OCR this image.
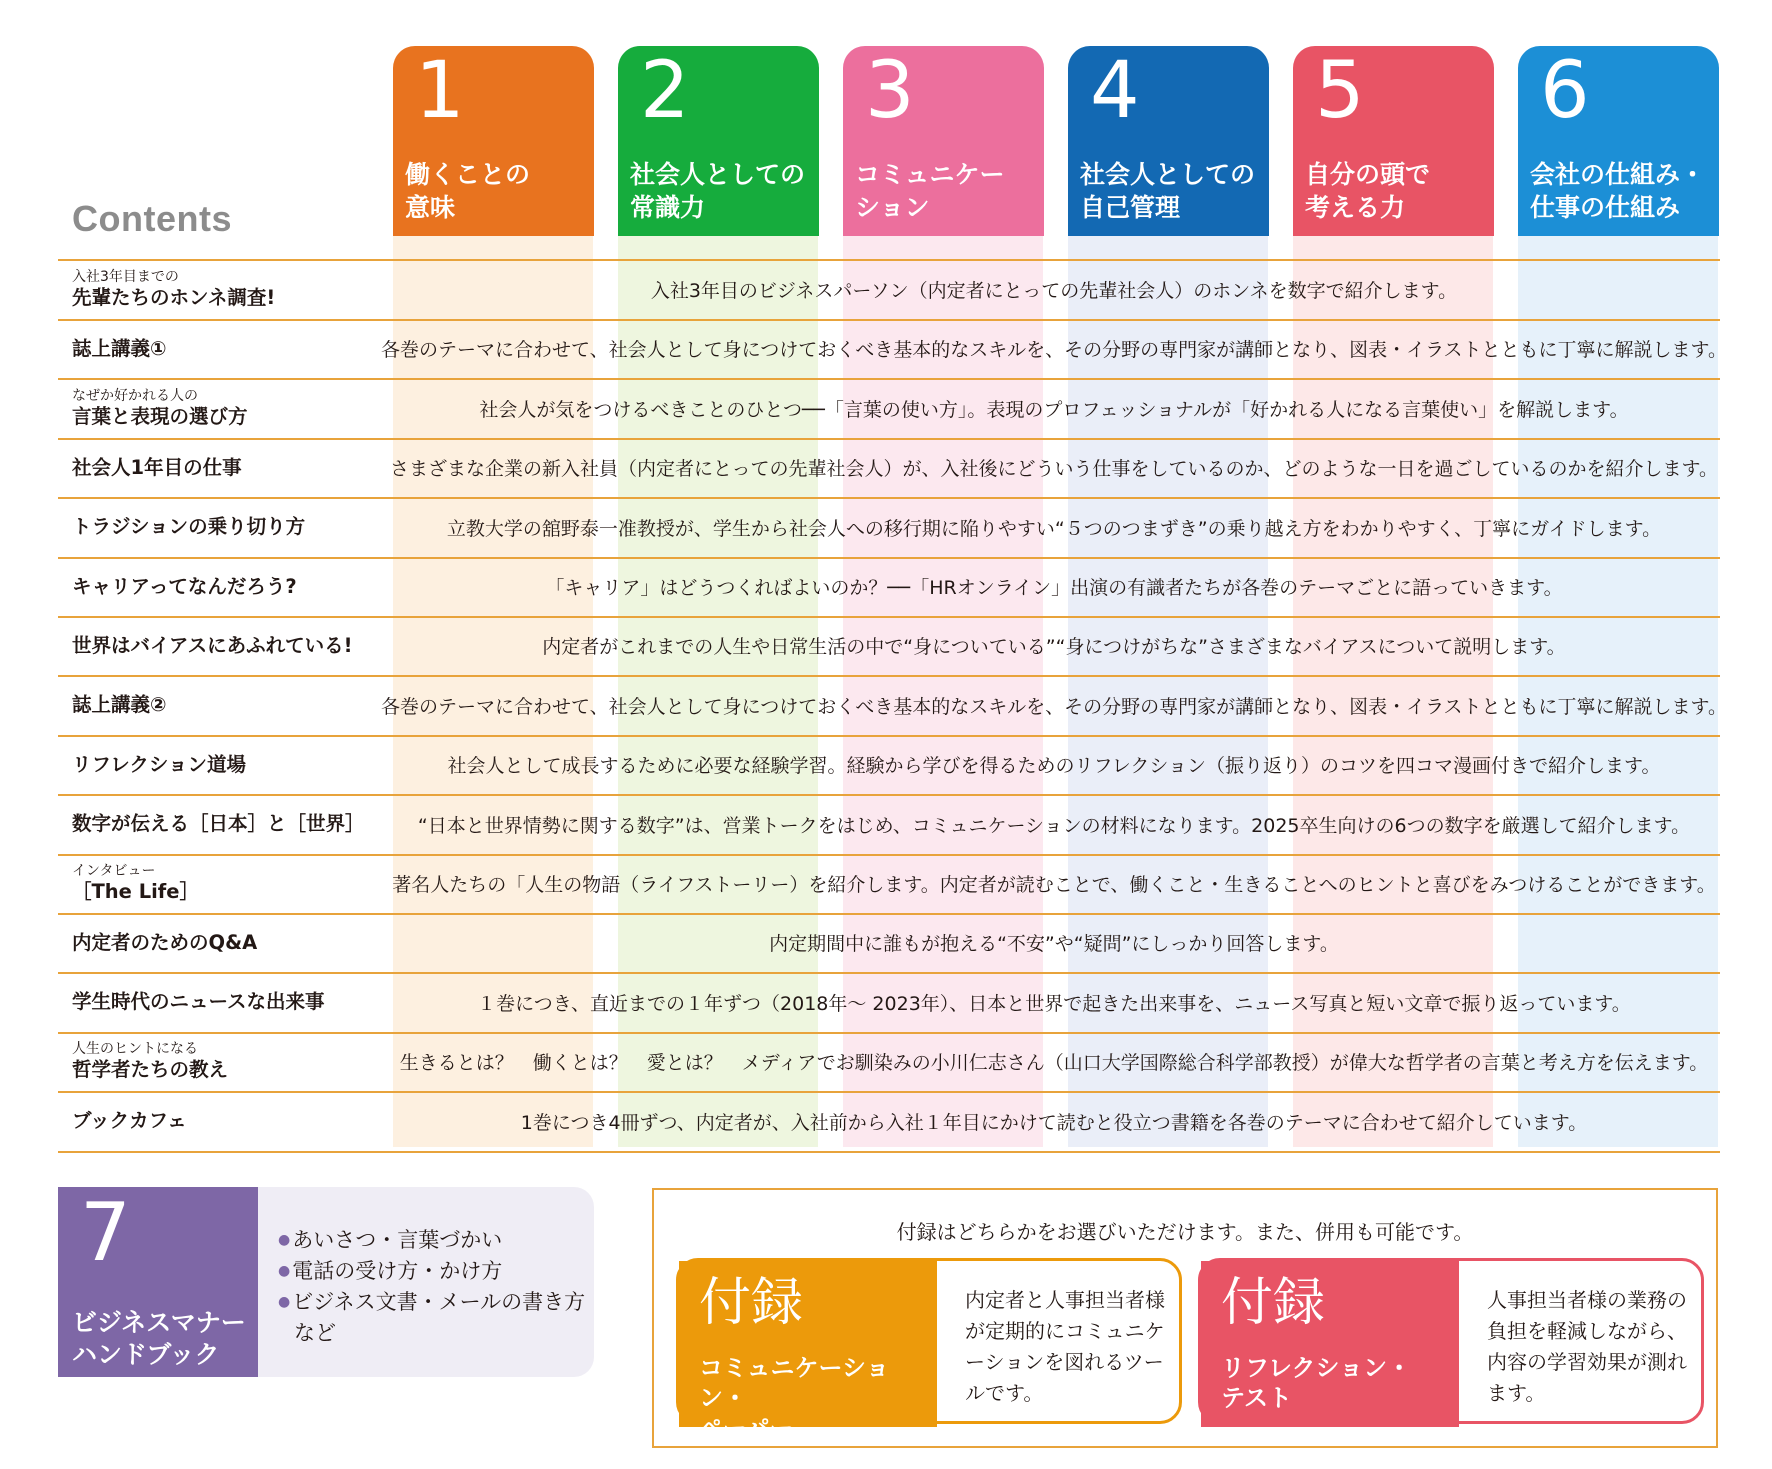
Contents
1
働くことの
意味
2
社会人としての
常識力
3
コミュニケー
ション
4
社会人としての
自己管理
5
自分の頭で
考える力
6
会社の仕組み・
仕事の仕組み
入社3年目までの
先輩たちのホンネ調査!	入社3年目のビジネスパーソン（内定者にとっての先輩社会人）のホンネを数字で紹介します。
誌上講義①	各巻のテーマに合わせて、社会人として身につけておくべき基本的なスキルを、その分野の専門家が講師となり、図表・イラストとともに丁寧に解説します。
なぜか好かれる人の
言葉と表現の選び方	社会人が気をつけるべきことのひとつ──「言葉の使い方」。表現のプロフェッショナルが「好かれる人になる言葉使い」を解説します。
社会人1年目の仕事	さまざまな企業の新入社員（内定者にとっての先輩社会人）が、入社後にどういう仕事をしているのか、どのような一日を過ごしているのかを紹介します。
トラジションの乗り切り方	立教大学の舘野泰一准教授が、学生から社会人への移行期に陥りやすい“５つのつまずき”の乗り越え方をわかりやすく、丁寧にガイドします。
キャリアってなんだろう?	「キャリア」はどうつくればよいのか？──「HRオンライン」出演の有識者たちが各巻のテーマごとに語っていきます。
世界はバイアスにあふれている!	内定者がこれまでの人生や日常生活の中で“身についている”“身につけがちな”さまざまなバイアスについて説明します。
誌上講義②	各巻のテーマに合わせて、社会人として身につけておくべき基本的なスキルを、その分野の専門家が講師となり、図表・イラストとともに丁寧に解説します。
リフレクション道場	社会人として成長するために必要な経験学習。経験から学びを得るためのリフレクション（振り返り）のコツを四コマ漫画付きで紹介します。
数字が伝える［日本］と［世界］	“日本と世界情勢に関する数字”は、営業トークをはじめ、コミュニケーションの材料になります。2025卒生向けの6つの数字を厳選して紹介します。
インタビュー
［The Life］	著名人たちの「人生の物語（ライフストーリー）を紹介します。内定者が読むことで、働くこと・生きることへのヒントと喜びをみつけることができます。
内定者のためのQ&A	内定期間中に誰もが抱える“不安”や“疑問”にしっかり回答します。
学生時代のニュースな出来事	１巻につき、直近までの１年ずつ（2018年～ 2023年）、日本と世界で起きた出来事を、ニュース写真と短い文章で振り返っています。
人生のヒントになる
哲学者たちの教え	生きるとは？　働くとは？　愛とは？　メディアでお馴染みの小川仁志さん（山口大学国際総合科学部教授）が偉大な哲学者の言葉と考え方を伝えます。
ブックカフェ	1巻につき4冊ずつ、内定者が、入社前から入社１年目にかけて読むと役立つ書籍を各巻のテーマに合わせて紹介しています。
7
ビジネスマナー
ハンドブック
● あいさつ・言葉づかい
● 電話の受け方・かけ方
● ビジネス文書・メールの書き方
など
付録はどちらかをお選びいただけます。また、併用も可能です。
付録
コミュニケーション・
ペーパー
内定者と人事担当者様が定期的にコミュニケーションを図れるツールです。
付録
リフレクション・
テスト
人事担当者様の業務の負担を軽減しながら、内容の学習効果が測れます。
